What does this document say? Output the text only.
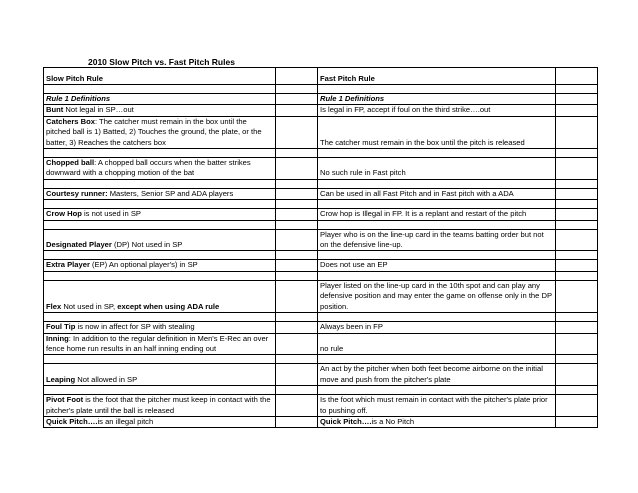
2010 Slow Pitch vs. Fast Pitch Rules
Slow Pitch Rule		Fast Pitch Rule	

Rule 1 Definitions		Rule 1 Definitions	
Bunt Not legal in SP…out		Is legal in FP, accept if foul on the third strike….out	
Catchers Box: The catcher must remain in the box until the pitched ball is 1) Batted, 2) Touches the ground, the plate, or the batter, 3) Reaches the catchers box		The catcher must remain in the box until the pitch is released	

Chopped ball: A chopped ball occurs when the batter strikes downward with a chopping motion of the bat		No such rule in Fast pitch	

Courtesy runner: Masters, Senior SP and ADA players		Can be used in all Fast Pitch and in Fast pitch with a ADA	

Crow Hop is not used in SP		Crow hop is Illegal in FP. It is a replant and restart of the pitch	

Designated Player (DP) Not used in SP		Player who is on the line-up card in the teams batting order but not on the defensive line-up.	

Extra Player (EP) An optional player's) in SP		Does not use an EP	

Flex Not used in SP, except when using ADA rule		Player listed on the line-up card in the 10th spot and can play any defensive position and may enter the game on offense only in the DP position.	

Foul Tip is now in affect for SP with stealing		Always been in FP	
Inning: In addition to the regular definition in Men's E-Rec an over fence home run results in an half inning ending out		no rule	

Leaping Not allowed in SP		An act by the pitcher when both feet become airborne on the initial move and push from the pitcher's plate	

Pivot Foot is the foot that the pitcher must keep in contact with the pitcher's plate until the ball is released		Is the foot which must remain in contact with the pitcher's plate prior to pushing off.	
Quick Pitch….is an illegal pitch		Quick Pitch….is a No Pitch	
